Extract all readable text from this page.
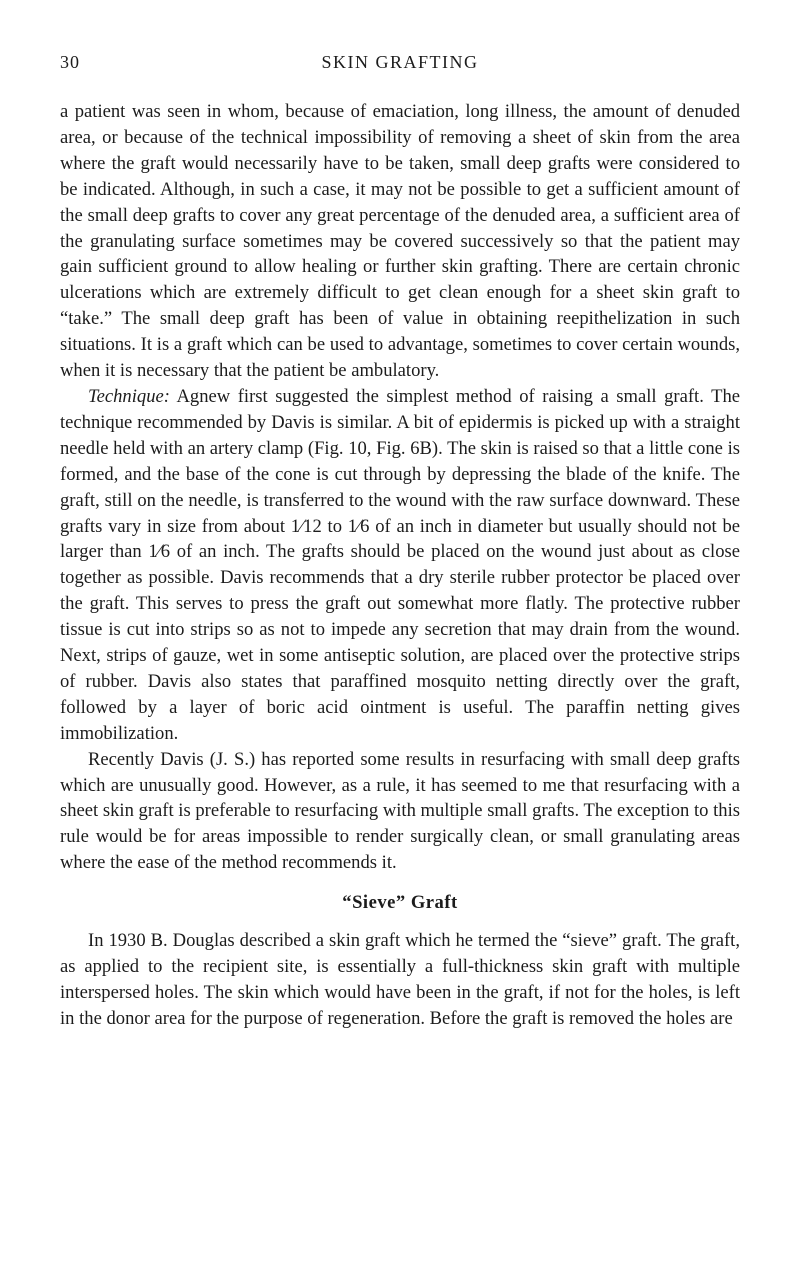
30	SKIN GRAFTING

a patient was seen in whom, because of emaciation, long illness, the amount of denuded area, or because of the technical impossibility of removing a sheet of skin from the area where the graft would necessarily have to be taken, small deep grafts were considered to be indicated. Although, in such a case, it may not be possible to get a sufficient amount of the small deep grafts to cover any great percentage of the denuded area, a sufficient area of the granulating surface sometimes may be covered successively so that the patient may gain sufficient ground to allow healing or further skin grafting. There are certain chronic ulcerations which are extremely difficult to get clean enough for a sheet skin graft to “take.” The small deep graft has been of value in obtaining reepithelization in such situations. It is a graft which can be used to advantage, sometimes to cover certain wounds, when it is necessary that the patient be ambulatory.

Technique: Agnew first suggested the simplest method of raising a small graft. The technique recommended by Davis is similar. A bit of epidermis is picked up with a straight needle held with an artery clamp (Fig. 10, Fig. 6B). The skin is raised so that a little cone is formed, and the base of the cone is cut through by depressing the blade of the knife. The graft, still on the needle, is transferred to the wound with the raw surface downward. These grafts vary in size from about 1⁄12 to 1⁄6 of an inch in diameter but usually should not be larger than 1⁄6 of an inch. The grafts should be placed on the wound just about as close together as possible. Davis recommends that a dry sterile rubber protector be placed over the graft. This serves to press the graft out somewhat more flatly. The protective rubber tissue is cut into strips so as not to impede any secretion that may drain from the wound. Next, strips of gauze, wet in some antiseptic solution, are placed over the protective strips of rubber. Davis also states that paraffined mosquito netting directly over the graft, followed by a layer of boric acid ointment is useful. The paraffin netting gives immobilization.

Recently Davis (J. S.) has reported some results in resurfacing with small deep grafts which are unusually good. However, as a rule, it has seemed to me that resurfacing with a sheet skin graft is preferable to resurfacing with multiple small grafts. The exception to this rule would be for areas impossible to render surgically clean, or small granulating areas where the ease of the method recommends it.

“Sieve” Graft

In 1930 B. Douglas described a skin graft which he termed the “sieve” graft. The graft, as applied to the recipient site, is essentially a full-thickness skin graft with multiple interspersed holes. The skin which would have been in the graft, if not for the holes, is left in the donor area for the purpose of regeneration. Before the graft is removed the holes are
